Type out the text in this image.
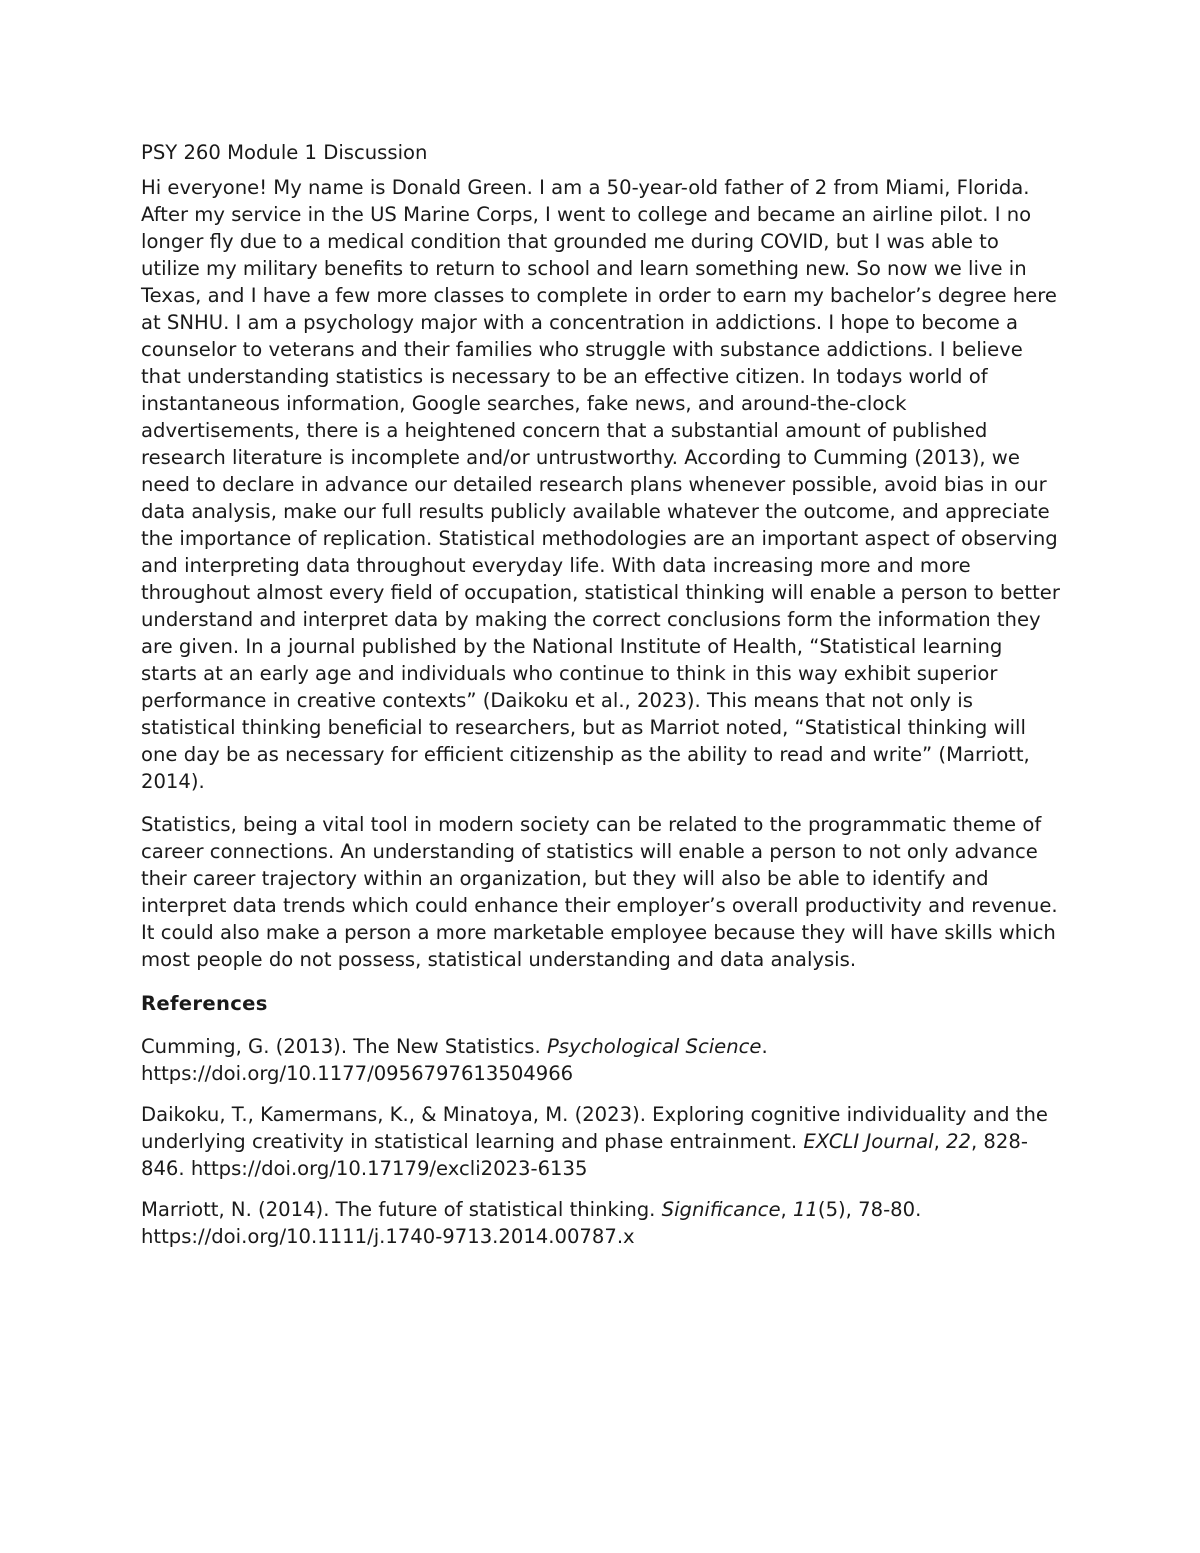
PSY 260 Module 1 Discussion

Hi everyone! My name is Donald Green. I am a 50-year-old father of 2 from Miami, Florida. After my service in the US Marine Corps, I went to college and became an airline pilot. I no longer fly due to a medical condition that grounded me during COVID, but I was able to utilize my military benefits to return to school and learn something new. So now we live in Texas, and I have a few more classes to complete in order to earn my bachelor’s degree here at SNHU. I am a psychology major with a concentration in addictions. I hope to become a counselor to veterans and their families who struggle with substance addictions. I believe that understanding statistics is necessary to be an effective citizen. In todays world of instantaneous information, Google searches, fake news, and around-the-clock advertisements, there is a heightened concern that a substantial amount of published research literature is incomplete and/or untrustworthy. According to Cumming (2013), we need to declare in advance our detailed research plans whenever possible, avoid bias in our data analysis, make our full results publicly available whatever the outcome, and appreciate the importance of replication. Statistical methodologies are an important aspect of observing and interpreting data throughout everyday life. With data increasing more and more throughout almost every field of occupation, statistical thinking will enable a person to better understand and interpret data by making the correct conclusions form the information they are given. In a journal published by the National Institute of Health, “Statistical learning starts at an early age and individuals who continue to think in this way exhibit superior performance in creative contexts” (Daikoku et al., 2023). This means that not only is statistical thinking beneficial to researchers, but as Marriot noted, “Statistical thinking will one day be as necessary for efficient citizenship as the ability to read and write” (Marriott, 2014).

Statistics, being a vital tool in modern society can be related to the programmatic theme of career connections. An understanding of statistics will enable a person to not only advance their career trajectory within an organization, but they will also be able to identify and interpret data trends which could enhance their employer’s overall productivity and revenue. It could also make a person a more marketable employee because they will have skills which most people do not possess, statistical understanding and data analysis.

References
Cumming, G. (2013). The New Statistics. Psychological Science.
https://doi.org/10.1177/0956797613504966
Daikoku, T., Kamermans, K., & Minatoya, M. (2023). Exploring cognitive individuality and the underlying creativity in statistical learning and phase entrainment. EXCLI Journal, 22, 828-846. https://doi.org/10.17179/excli2023-6135
Marriott, N. (2014). The future of statistical thinking. Significance, 11(5), 78-80.
https://doi.org/10.1111/j.1740-9713.2014.00787.x
